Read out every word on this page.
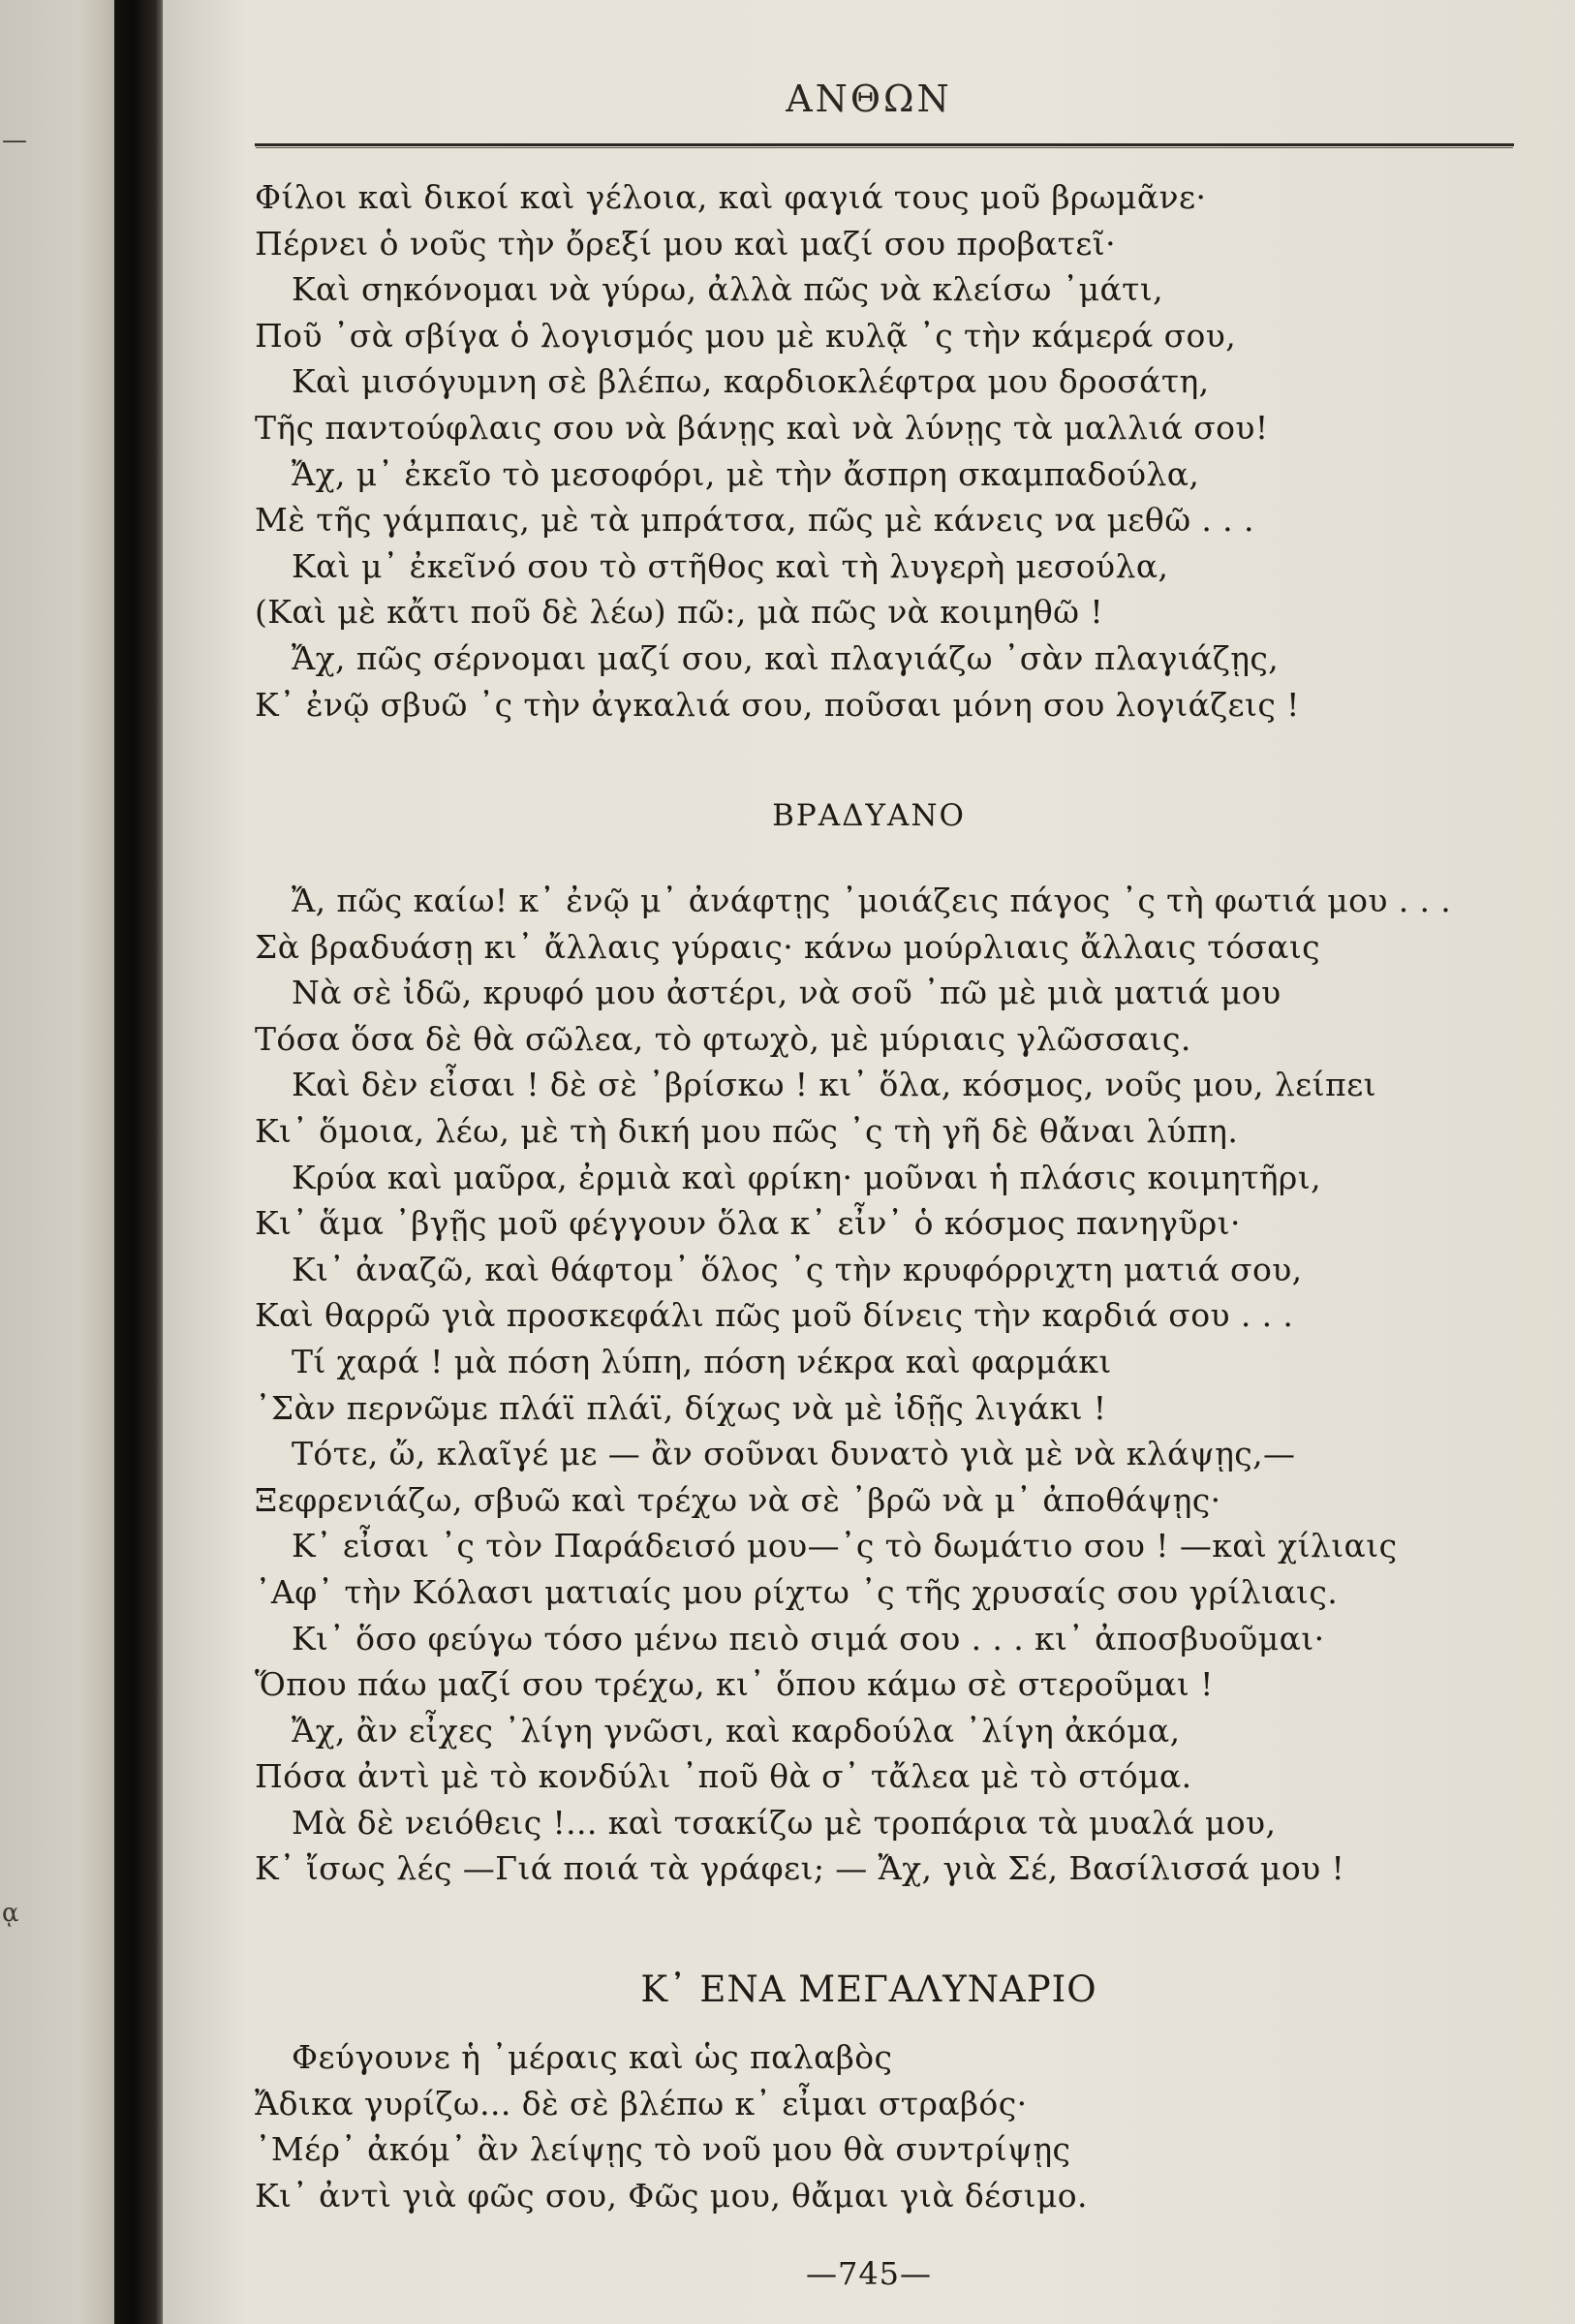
—
ᾳ
ΑΝΘΩΝ
Φίλοι καὶ δικοί καὶ γέλοια, καὶ φαγιά τους μοῦ βρωμᾶνε·
Πέρνει ὁ νοῦς τὴν ὄρεξί μου καὶ μαζί σου προβατεῖ·
Καὶ σηκόνομαι νὰ γύρω, ἀλλὰ πῶς νὰ κλείσω ᾿μάτι,
Ποῦ ᾿σὰ σβίγα ὁ λογισμός μου μὲ κυλᾷ ᾿ς τὴν κάμερά σου,
Καὶ μισόγυμνη σὲ βλέπω, καρδιοκλέφτρα μου δροσάτη,
Τῆς παντούφλαις σου νὰ βάνῃς καὶ νὰ λύνῃς τὰ μαλλιά σου!
Ἄχ, μ᾿ ἐκεῖο τὸ μεσοφόρι, μὲ τὴν ἄσπρη σκαμπαδούλα,
Μὲ τῆς γάμπαις, μὲ τὰ μπράτσα, πῶς μὲ κάνεις να μεθῶ . . .
Καὶ μ᾿ ἐκεῖνό σου τὸ στῆθος καὶ τὴ λυγερὴ μεσούλα,
(Καὶ μὲ κἄτι ποῦ δὲ λέω) πῶ:, μὰ πῶς νὰ κοιμηθῶ !
Ἄχ, πῶς σέρνομαι μαζί σου, καὶ πλαγιάζω ᾿σὰν πλαγιάζῃς,
Κ᾿ ἐνῷ σβυῶ ᾿ς τὴν ἀγκαλιά σου, ποῦσαι μόνη σου λογιάζεις !
ΒΡΑΔΥΑΝΟ
Ἄ, πῶς καίω! κ᾿ ἐνῷ μ᾿ ἀνάφτῃς ᾿μοιάζεις πάγος ᾿ς τὴ φωτιά μου . . .
Σὰ βραδυάσῃ κι᾿ ἄλλαις γύραις· κάνω μούρλιαις ἄλλαις τόσαις
Νὰ σὲ ἰδῶ, κρυφό μου ἀστέρι, νὰ σοῦ ᾿πῶ μὲ μιὰ ματιά μου
Τόσα ὅσα δὲ θὰ σῶλεα, τὸ φτωχὸ, μὲ μύριαις γλῶσσαις.
Καὶ δὲν εἶσαι ! δὲ σὲ ᾿βρίσκω ! κι᾿ ὅλα, κόσμος, νοῦς μου, λείπει
Κι᾿ ὅμοια, λέω, μὲ τὴ δική μου πῶς ᾿ς τὴ γῆ δὲ θἄναι λύπη.
Κρύα καὶ μαῦρα, ἐρμιὰ καὶ φρίκη· μοῦναι ἡ πλάσις κοιμητῆρι,
Κι᾿ ἅμα ᾿βγῇς μοῦ φέγγουν ὅλα κ᾿ εἶν᾿ ὁ κόσμος πανηγῦρι·
Κι᾿ ἀναζῶ, καὶ θάφτομ᾿ ὅλος ᾿ς τὴν κρυφόρριχτη ματιά σου,
Καὶ θαρρῶ γιὰ προσκεφάλι πῶς μοῦ δίνεις τὴν καρδιά σου . . .
Τί χαρά ! μὰ πόση λύπη, πόση νέκρα καὶ φαρμάκι
᾿Σὰν περνῶμε πλάϊ πλάϊ, δίχως νὰ μὲ ἰδῇς λιγάκι !
Τότε, ὤ, κλαῖγέ με — ἂν σοῦναι δυνατὸ γιὰ μὲ νὰ κλάψῃς,—
Ξεφρενιάζω, σβυῶ καὶ τρέχω νὰ σὲ ᾿βρῶ νὰ μ᾿ ἀποθάψῃς·
Κ᾿ εἶσαι ᾿ς τὸν Παράδεισό μου—᾿ς τὸ δωμάτιο σου ! —καὶ χίλιαις
᾿Αφ᾿ τὴν Κόλασι ματιαίς μου ρίχτω ᾿ς τῆς χρυσαίς σου γρίλιαις.
Κι᾿ ὅσο φεύγω τόσο μένω πειὸ σιμά σου . . . κι᾿ ἀποσβυοῦμαι·
Ὅπου πάω μαζί σου τρέχω, κι᾿ ὅπου κάμω σὲ στεροῦμαι !
Ἄχ, ἂν εἶχες ᾿λίγη γνῶσι, καὶ καρδούλα ᾿λίγη ἀκόμα,
Πόσα ἀντὶ μὲ τὸ κονδύλι ᾿ποῦ θὰ σ᾿ τἄλεα μὲ τὸ στόμα.
Μὰ δὲ νειόθεις !... καὶ τσακίζω μὲ τροπάρια τὰ μυαλά μου,
Κ᾿ ἴσως λές —Γιά ποιά τὰ γράφει; — Ἄχ, γιὰ Σέ, Βασίλισσά μου !
Κ᾿ ΕΝΑ ΜΕΓΑΛΥΝΑΡΙΟ
Φεύγουνε ἡ ᾿μέραις καὶ ὡς παλαβὸς
Ἄδικα γυρίζω... δὲ σὲ βλέπω κ᾿ εἶμαι στραβός·
᾿Μέρ᾿ ἀκόμ᾿ ἂν λείψῃς τὸ νοῦ μου θὰ συντρίψῃς
Κι᾿ ἀντὶ γιὰ φῶς σου, Φῶς μου, θἄμαι γιὰ δέσιμο.
—745—
